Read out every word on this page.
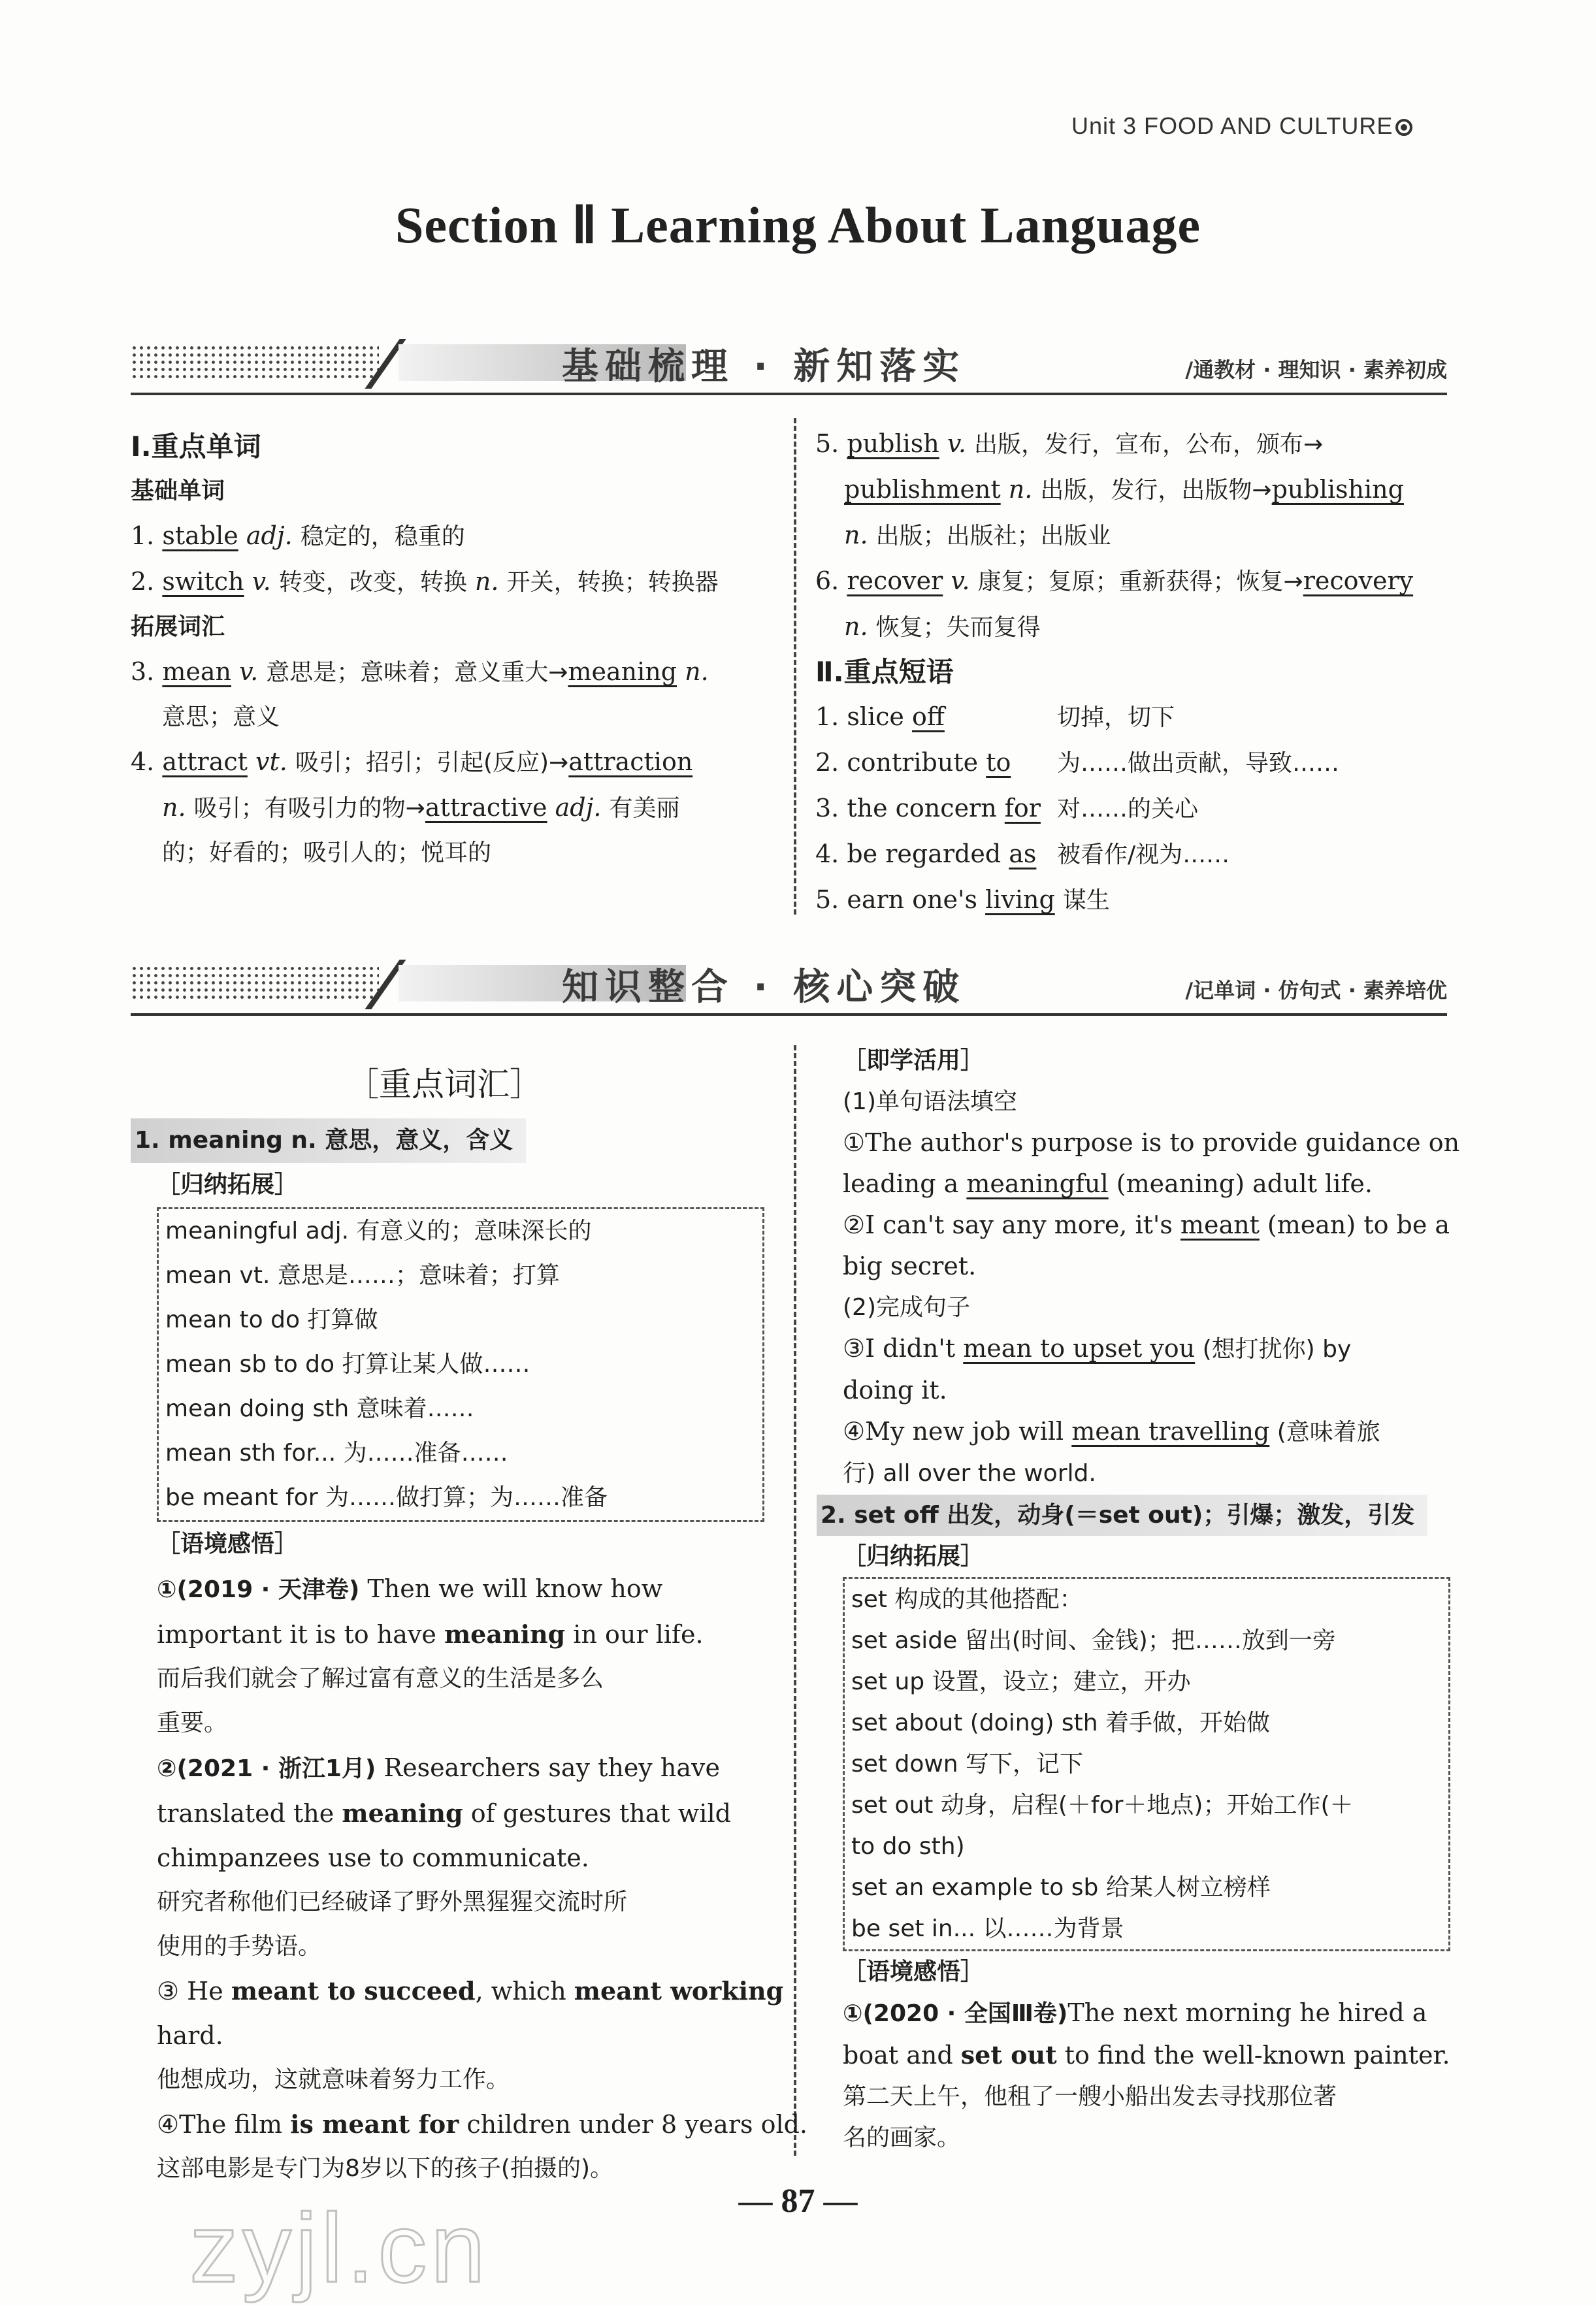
Unit 3 FOOD AND CULTURE
Section Ⅱ Learning About Language
基础梳理 · 新知落实	/通教材 · 理知识 · 素养初成

Ⅰ.重点单词

基础单词

1. stable adj. 稳定的，稳重的

2. switch v. 转变，改变，转换 n. 开关，转换；转换器

拓展词汇

3. mean v. 意思是；意味着；意义重大→meaning n.

意思；意义

4. attract vt. 吸引；招引；引起(反应)→attraction

n. 吸引；有吸引力的物→attractive adj. 有美丽

的；好看的；吸引人的；悦耳的

5. publish v. 出版，发行，宣布，公布，颁布→

publishment n. 出版，发行，出版物→publishing

n. 出版；出版社；出版业

6. recover v. 康复；复原；重新获得；恢复→recovery

n. 恢复；失而复得

Ⅱ.重点短语

1. slice off	切掉，切下

2. contribute to 为……做出贡献，导致……

3. the concern for 对……的关心

4. be regarded as 被看作/视为……

5. earn one's living 谋生

知识整合 · 核心突破	/记单词 · 仿句式 · 素养培优
［重点词汇］

1. meaning n. 意思，意义，含义

［归纳拓展］

meaningful adj. 有意义的；意味深长的

mean vt. 意思是……；意味着；打算

mean to do 打算做

mean sb to do 打算让某人做……

mean doing sth 意味着……

mean sth for... 为……准备……

be meant for 为……做打算；为……准备

［语境感悟］

①(2019 · 天津卷) Then we will know how

important it is to have meaning in our life.

而后我们就会了解过富有意义的生活是多么

重要。

②(2021 · 浙江1月) Researchers say they have

translated the meaning of gestures that wild

chimpanzees use to communicate.

研究者称他们已经破译了野外黑猩猩交流时所

使用的手势语。

③ He meant to succeed, which meant working

hard.

他想成功，这就意味着努力工作。

④The film is meant for children under 8 years old.

这部电影是专门为8岁以下的孩子(拍摄的)。

［即学活用］

(1)单句语法填空

①The author's purpose is to provide guidance on

leading a meaningful (meaning) adult life.

②I can't say any more, it's meant (mean) to be a

big secret.

(2)完成句子

③I didn't mean to upset you (想打扰你) by

doing it.

④My new job will mean travelling (意味着旅

行) all over the world.

2. set off 出发，动身(＝set out)；引爆；激发，引发

［归纳拓展］

set 构成的其他搭配：

set aside 留出(时间、金钱)；把……放到一旁

set up 设置，设立；建立，开办

set about (doing) sth 着手做，开始做

set down 写下，记下

set out 动身，启程(＋for＋地点)；开始工作(＋

to do sth)

set an example to sb 给某人树立榜样

be set in... 以……为背景

［语境感悟］

①(2020 · 全国Ⅲ卷)The next morning he hired a

boat and set out to find the well-known painter.

第二天上午，他租了一艘小船出发去寻找那位著

名的画家。

— 87 —
zyjl.cn
